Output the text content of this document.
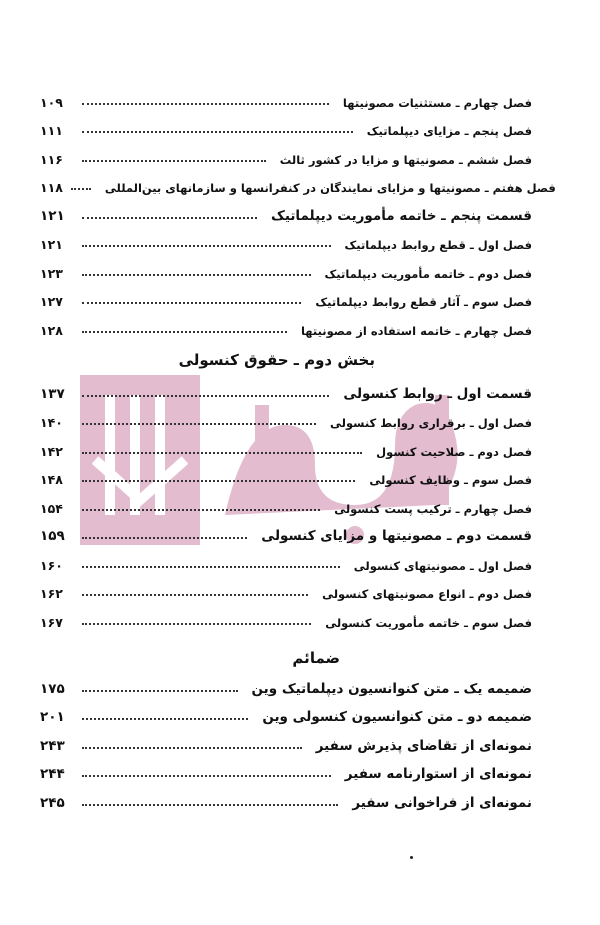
فصل چهارم ـ مستثنیات مصونیتها
۱۰۹
فصل پنجم ـ مزایای دیپلماتیک
۱۱۱
فصل ششم ـ مصونیتها و مزایا در کشور ثالث
۱۱۶
فصل هفتم ـ مصونیتها و مزایای نمایندگان در کنفرانسها و سازمانهای بین‌المللی
۱۱۸
قسمت پنجم ـ خاتمه مأموریت دیپلماتیک
۱۲۱
فصل اول ـ قطع روابط دیپلماتیک
۱۲۱
فصل دوم ـ خاتمه مأموریت دیپلماتیک
۱۲۳
فصل سوم ـ آثار قطع روابط دیپلماتیک
۱۲۷
فصل چهارم ـ خاتمه استفاده از مصونیتها
۱۲۸
بخش دوم ـ حقوق کنسولی
قسمت اول ـ روابط کنسولی
۱۳۷
فصل اول ـ برقراری روابط کنسولی
۱۴۰
فصل دوم ـ صلاحیت کنسول
۱۴۲
فصل سوم ـ وظایف کنسولی
۱۴۸
فصل چهارم ـ ترکیب پست کنسولی
۱۵۴
قسمت دوم ـ مصونیتها و مزایای کنسولی
۱۵۹
فصل اول ـ مصونیتهای کنسولی
۱۶۰
فصل دوم ـ انواع مصونیتهای کنسولی
۱۶۲
فصل سوم ـ خاتمه مأموریت کنسولی
۱۶۷
ضمائم
ضمیمه یک ـ متن کنوانسیون دیپلماتیک وین
۱۷۵
ضمیمه دو ـ متن کنوانسیون کنسولی وین
۲۰۱
نمونه‌ای از تقاضای پذیرش سفیر
۲۴۳
نمونه‌ای از استوارنامه سفیر
۲۴۴
نمونه‌ای از فراخوانی سفیر
۲۴۵
